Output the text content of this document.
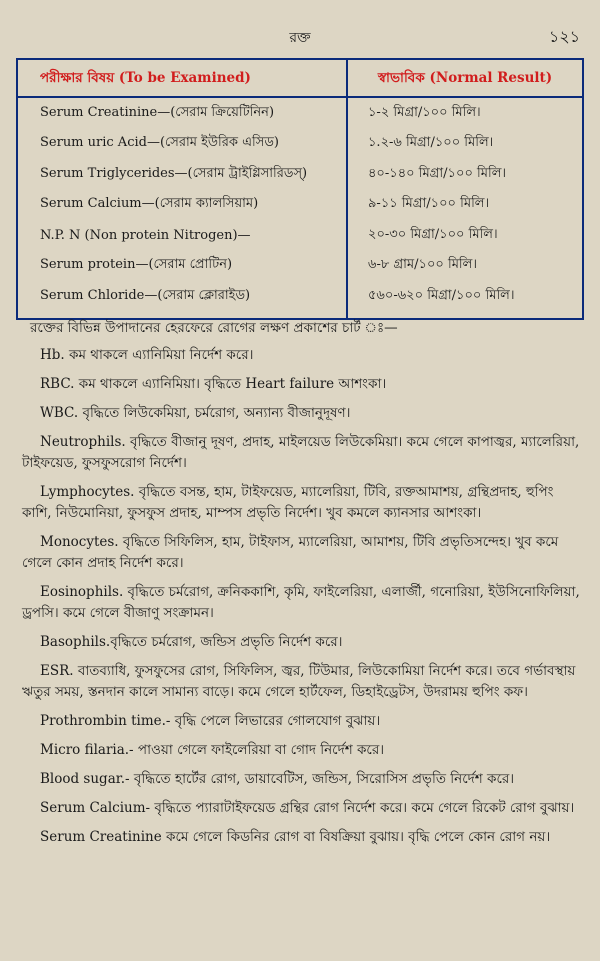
রক্ত	১২১
পরীক্ষার বিষয় (To be Examined)	স্বাভাবিক (Normal Result)
Serum Creatinine—(সেরাম ক্রিয়েটিনিন)	১-২ মিগ্রা/১০০ মিলি।
Serum uric Acid—(সেরাম ইউরিক এসিড)	১.২-৬ মিগ্রা/১০০ মিলি।
Serum Triglycerides—(সেরাম ট্রাইগ্লিসারিডস্)	৪০-১৪০ মিগ্রা/১০০ মিলি।
Serum Calcium—(সেরাম ক্যালসিয়াম)	৯-১১ মিগ্রা/১০০ মিলি।
N.P. N (Non protein Nitrogen)—	২০-৩০ মিগ্রা/১০০ মিলি।
Serum protein—(সেরাম প্রোটিন)	৬-৮ গ্রাম/১০০ মিলি।
Serum Chloride—(সেরাম ক্লোরাইড)	৫৬০-৬২০ মিগ্রা/১০০ মিলি।

রক্তের বিভিন্ন উপাদানের হেরফেরে রোগের লক্ষণ প্রকাশের চার্ট ঃ—

Hb. কম থাকলে এ্যানিমিয়া নির্দেশ করে।

RBC. কম থাকলে এ্যানিমিয়া। বৃদ্ধিতে Heart failure আশংকা।

WBC. বৃদ্ধিতে লিউকেমিয়া, চর্মরোগ, অন্যান্য বীজানুদূষণ।

Neutrophils. বৃদ্ধিতে বীজানু দূষণ, প্রদাহ, মাইলয়েড লিউকেমিয়া। কমে গেলে কাপাজ্বর, ম্যালেরিয়া, টাইফয়েড, ফুসফুসরোগ নির্দেশ।

Lymphocytes. বৃদ্ধিতে বসন্ত, হাম, টাইফয়েড, ম্যালেরিয়া, টিবি, রক্তআমাশয়, গ্রন্থিপ্রদাহ, হুপিং কাশি, নিউমোনিয়া, ফুসফুস প্রদাহ, মাম্পস প্রভৃতি নির্দেশ। খুব কমলে ক্যানসার আশংকা।

Monocytes. বৃদ্ধিতে সিফিলিস, হাম, টাইফাস, ম্যালেরিয়া, আমাশয়, টিবি প্রভৃতিসন্দেহ। খুব কমে গেলে কোন প্রদাহ নির্দেশ করে।

Eosinophils. বৃদ্ধিতে চর্মরোগ, ক্রনিককাশি, কৃমি, ফাইলেরিয়া, এলার্জী, গনোরিয়া, ইউসিনোফিলিয়া, ড্রপসি। কমে গেলে বীজাণু সংক্রামন।

Basophils.বৃদ্ধিতে চর্মরোগ, জন্ডিস প্রভৃতি নির্দেশ করে।

ESR. বাতব্যাধি, ফুসফুসের রোগ, সিফিলিস, জ্বর, টিউমার, লিউকোমিয়া নির্দেশ করে। তবে গর্ভাবস্থায় ঋতুর সময়, স্তনদান কালে সামান্য বাড়ে। কমে গেলে হার্টফেল, ডিহাইড্রেটস, উদরাময় হুপিং কফ।

Prothrombin time.- বৃদ্ধি পেলে লিভারের গোলযোগ বুঝায়।

Micro filaria.- পাওয়া গেলে ফাইলেরিয়া বা গোদ নির্দেশ করে।

Blood sugar.- বৃদ্ধিতে হার্টের রোগ, ডায়াবেটিস, জন্ডিস, সিরোসিস প্রভৃতি নির্দেশ করে।

Serum Calcium- বৃদ্ধিতে প্যারাটাইফয়েড গ্রন্থির রোগ নির্দেশ করে। কমে গেলে রিকেট রোগ বুঝায়।

Serum Creatinine কমে গেলে কিডনির রোগ বা বিষক্রিয়া বুঝায়। বৃদ্ধি পেলে কোন রোগ নয়।
